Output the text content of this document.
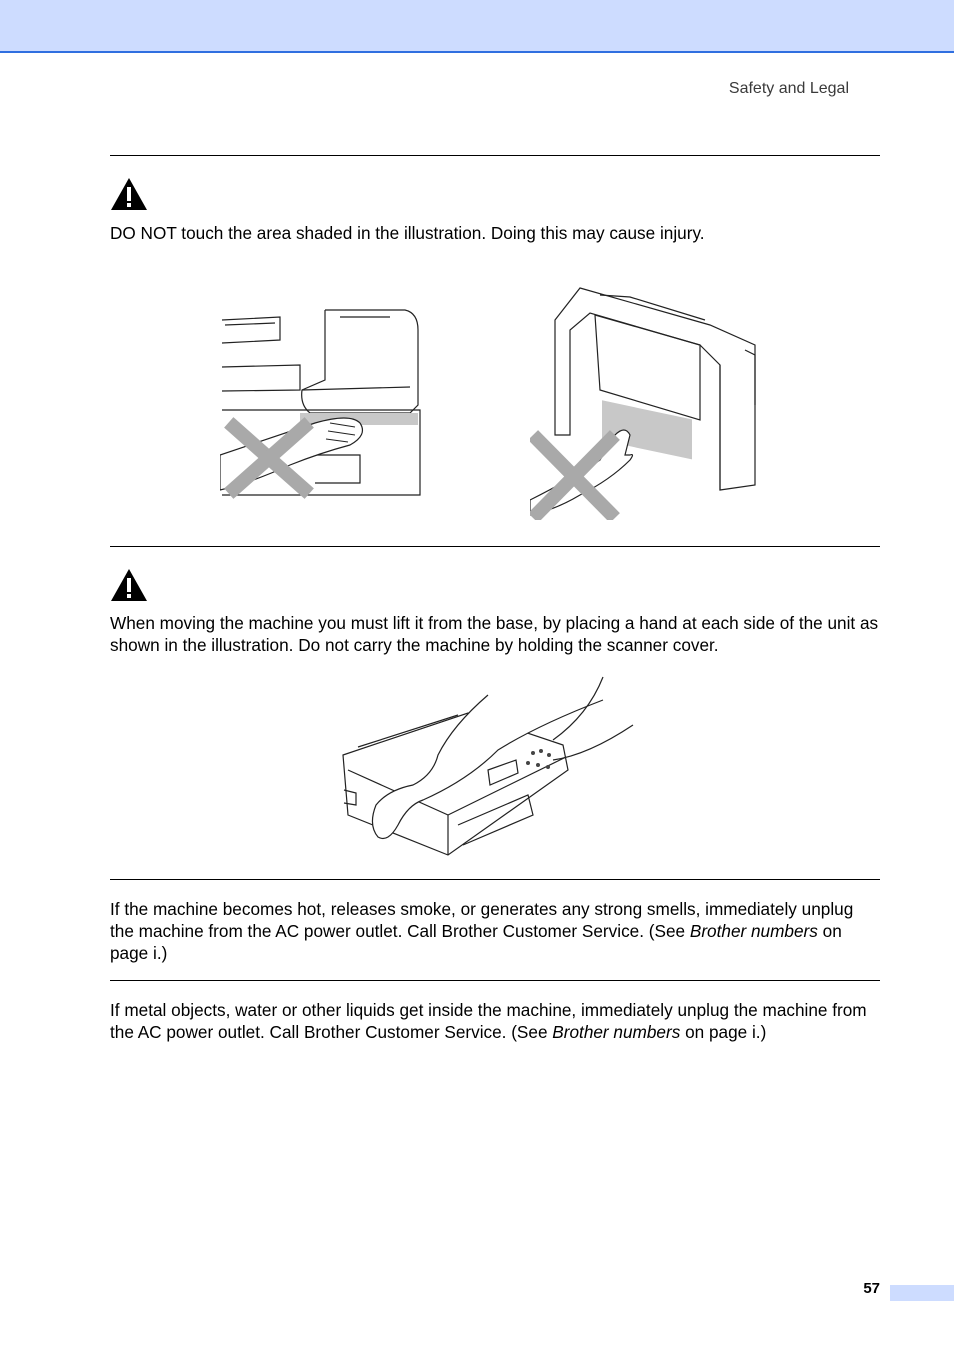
Safety and Legal

DO NOT touch the area shaded in the illustration. Doing this may cause injury.

When moving the machine you must lift it from the base, by placing a hand at each side of the unit as shown in the illustration. Do not carry the machine by holding the scanner cover.

If the machine becomes hot, releases smoke, or generates any strong smells, immediately unplug the machine from the AC power outlet. Call Brother Customer Service. (See Brother numbers on page i.)

If metal objects, water or other liquids get inside the machine, immediately unplug the machine from the AC power outlet. Call Brother Customer Service. (See Brother numbers on page i.)

57
